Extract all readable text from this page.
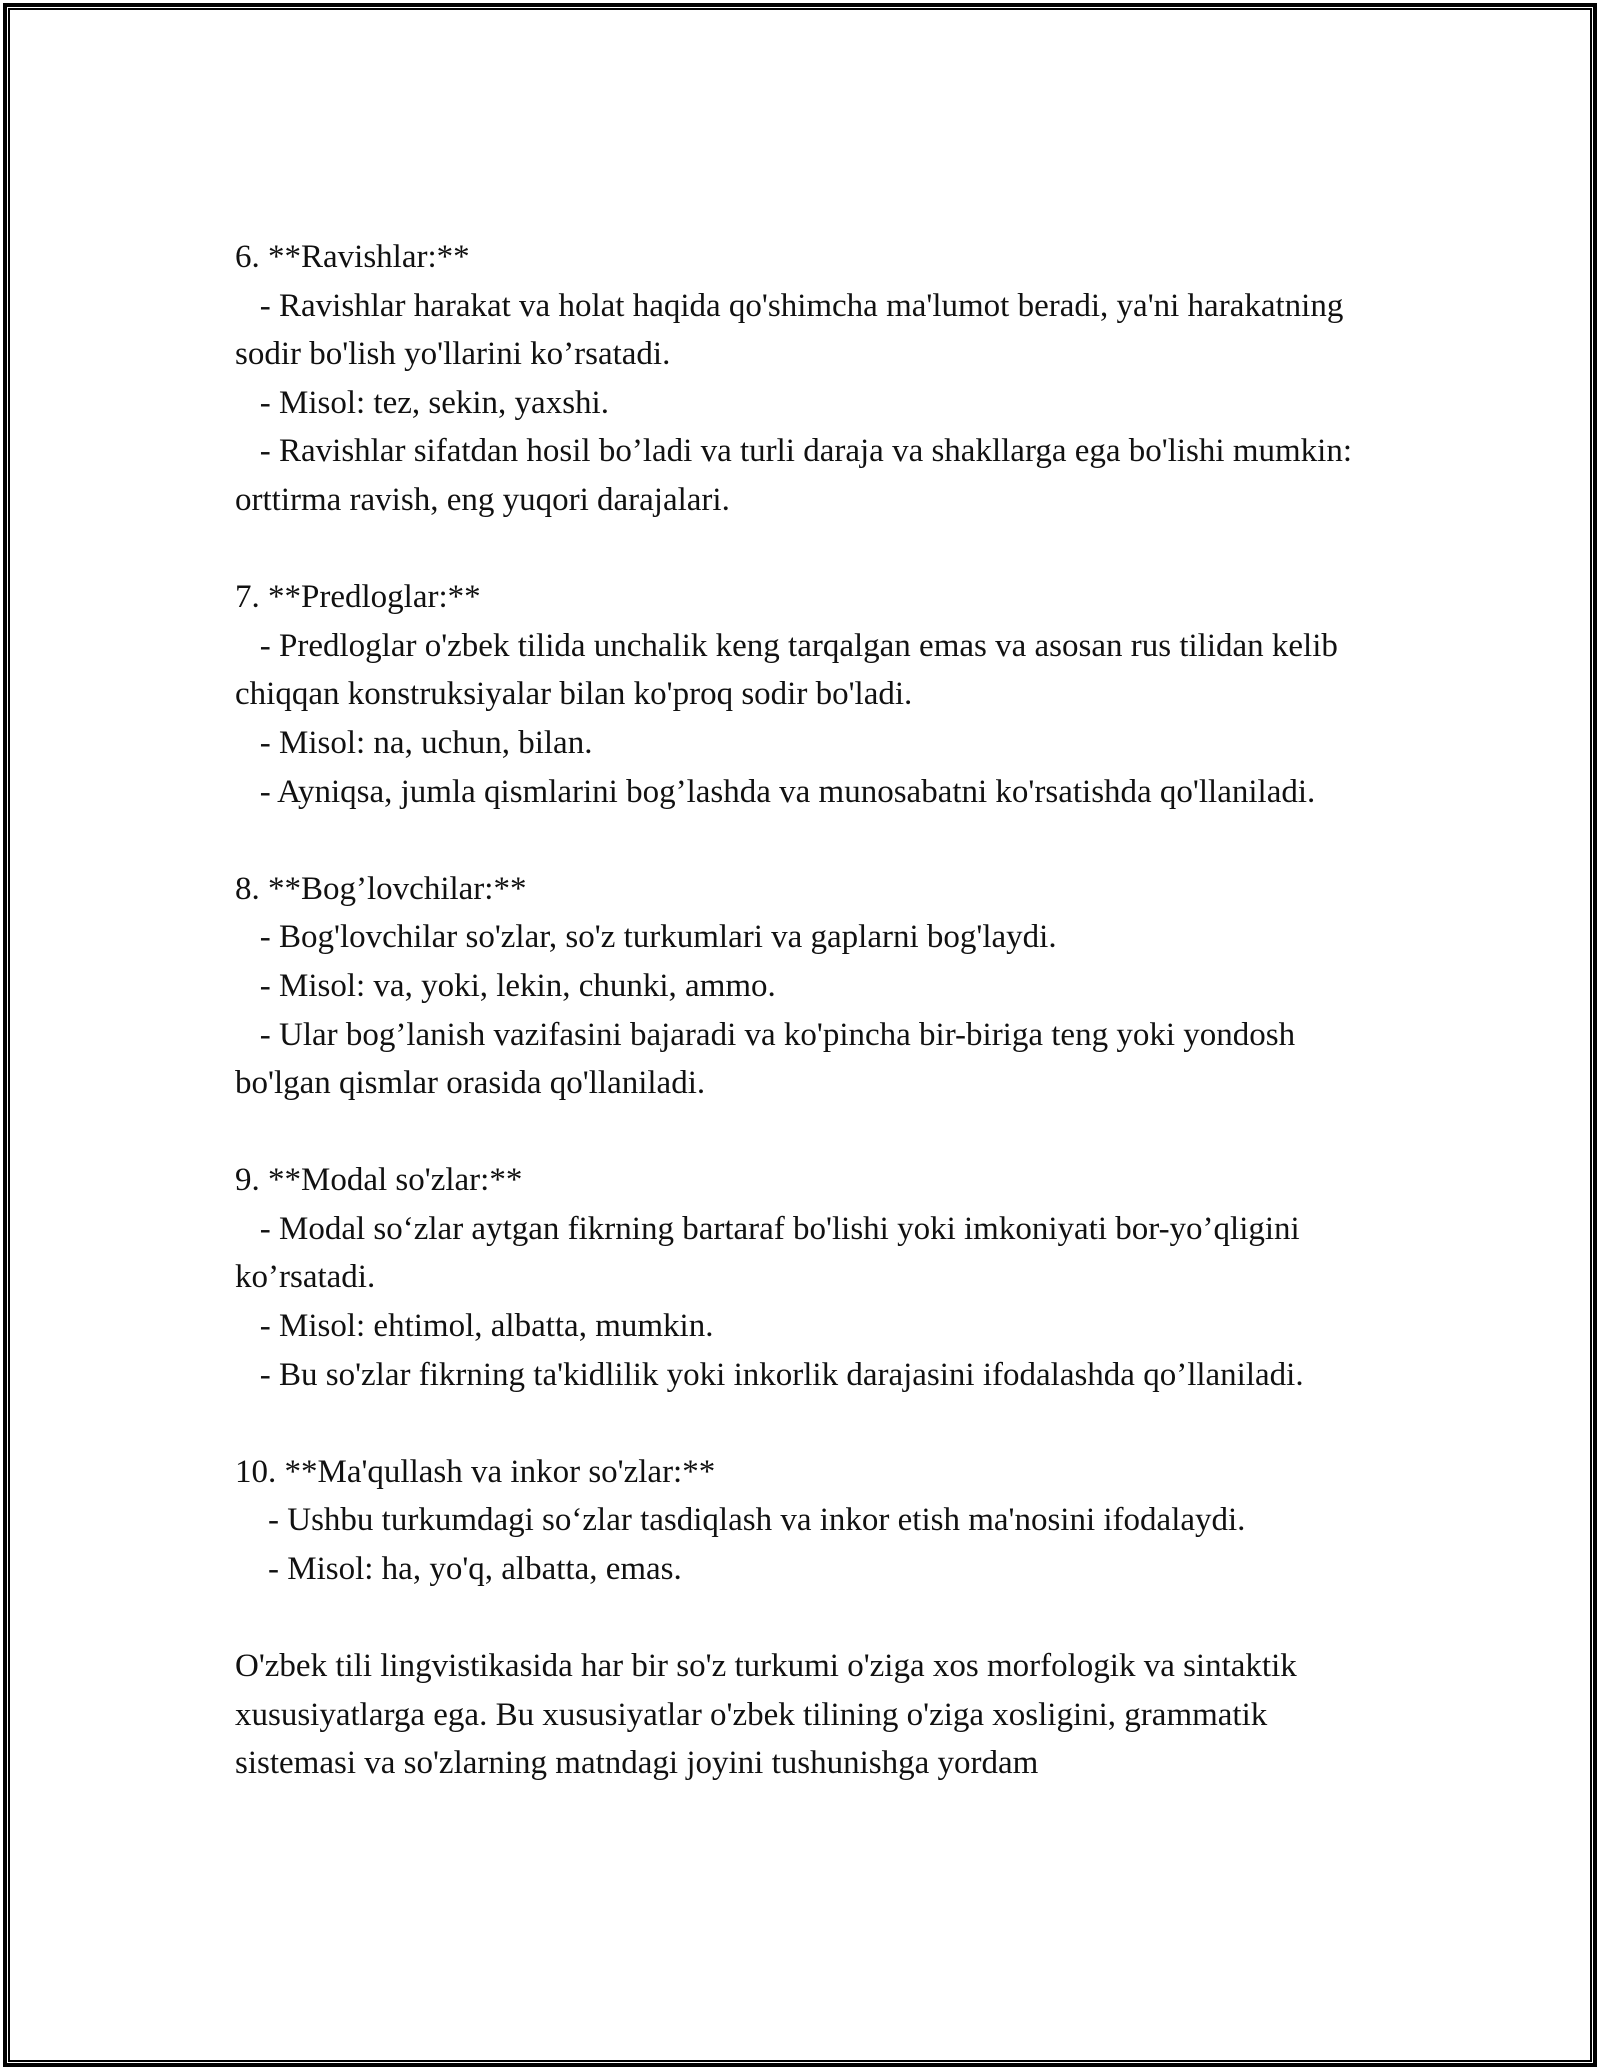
6. **Ravishlar:**
- Ravishlar harakat va holat haqida qo'shimcha ma'lumot beradi, ya'ni harakatning sodir bo'lish yo'llarini ko’rsatadi.
- Misol: tez, sekin, yaxshi.
- Ravishlar sifatdan hosil bo’ladi va turli daraja va shakllarga ega bo'lishi mumkin: orttirma ravish, eng yuqori darajalari.
7. **Predloglar:**
- Predloglar o'zbek tilida unchalik keng tarqalgan emas va asosan rus tilidan kelib chiqqan konstruksiyalar bilan ko'proq sodir bo'ladi.
- Misol: na, uchun, bilan.
- Ayniqsa, jumla qismlarini bog’lashda va munosabatni ko'rsatishda qo'llaniladi.
8. **Bog’lovchilar:**
- Bog'lovchilar so'zlar, so'z turkumlari va gaplarni bog'laydi.
- Misol: va, yoki, lekin, chunki, ammo.
- Ular bog’lanish vazifasini bajaradi va ko'pincha bir-biriga teng yoki yondosh bo'lgan qismlar orasida qo'llaniladi.
9. **Modal so'zlar:**
- Modal so‘zlar aytgan fikrning bartaraf bo'lishi yoki imkoniyati bor-yo’qligini ko’rsatadi.
- Misol: ehtimol, albatta, mumkin.
- Bu so'zlar fikrning ta'kidlilik yoki inkorlik darajasini ifodalashda qo’llaniladi.
10. **Ma'qullash va inkor so'zlar:**
- Ushbu turkumdagi so‘zlar tasdiqlash va inkor etish ma'nosini ifodalaydi.
- Misol: ha, yo'q, albatta, emas.

O'zbek tili lingvistikasida har bir so'z turkumi o'ziga xos morfologik va sintaktik xususiyatlarga ega. Bu xususiyatlar o'zbek tilining o'ziga xosligini, grammatik sistemasi va so'zlarning matndagi joyini tushunishga yordam
